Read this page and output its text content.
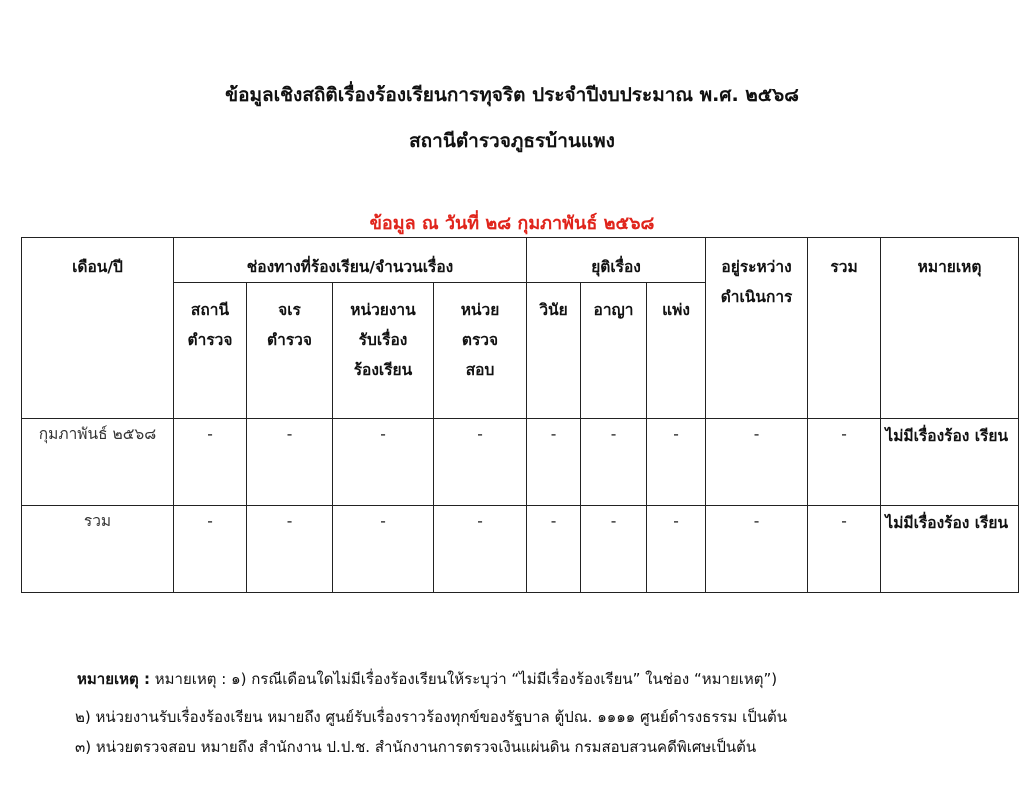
ข้อมูลเชิงสถิติเรื่องร้องเรียนการทุจริต ประจำปีงบประมาณ พ.ศ. ๒๕๖๘
สถานีตำรวจภูธรบ้านแพง
ข้อมูล ณ วันที่ ๒๘ กุมภาพันธ์ ๒๕๖๘
เดือน/ปี	ช่องทางที่ร้องเรียน/จำนวนเรื่อง				ยุติเรื่อง			อยู่ระหว่าง ดำเนินการ	รวม	หมายเหตุ

	สถานี ตำรวจ	จเร ตำรวจ	หน่วยงาน รับเรื่อง ร้องเรียน	หน่วย ตรวจ สอบ	วินัย	อาญา	แพ่ง			
กุมภาพันธ์ ๒๕๖๘	-	-	-	-	-	-	-	-	-	ไม่มีเรื่องร้อง เรียน
รวม	-	-	-	-	-	-	-	-	-	ไม่มีเรื่องร้อง เรียน
หมายเหตุ : หมายเหตุ : ๑) กรณีเดือนใดไม่มีเรื่องร้องเรียนให้ระบุว่า “ไม่มีเรื่องร้องเรียน” ในช่อง “หมายเหตุ”)
๒) หน่วยงานรับเรื่องร้องเรียน หมายถึง ศูนย์รับเรื่องราวร้องทุกข์ของรัฐบาล ตู้ปณ. ๑๑๑๑ ศูนย์ดำรงธรรม เป็นต้น
๓) หน่วยตรวจสอบ หมายถึง สำนักงาน ป.ป.ช. สำนักงานการตรวจเงินแผ่นดิน กรมสอบสวนคดีพิเศษเป็นต้น
